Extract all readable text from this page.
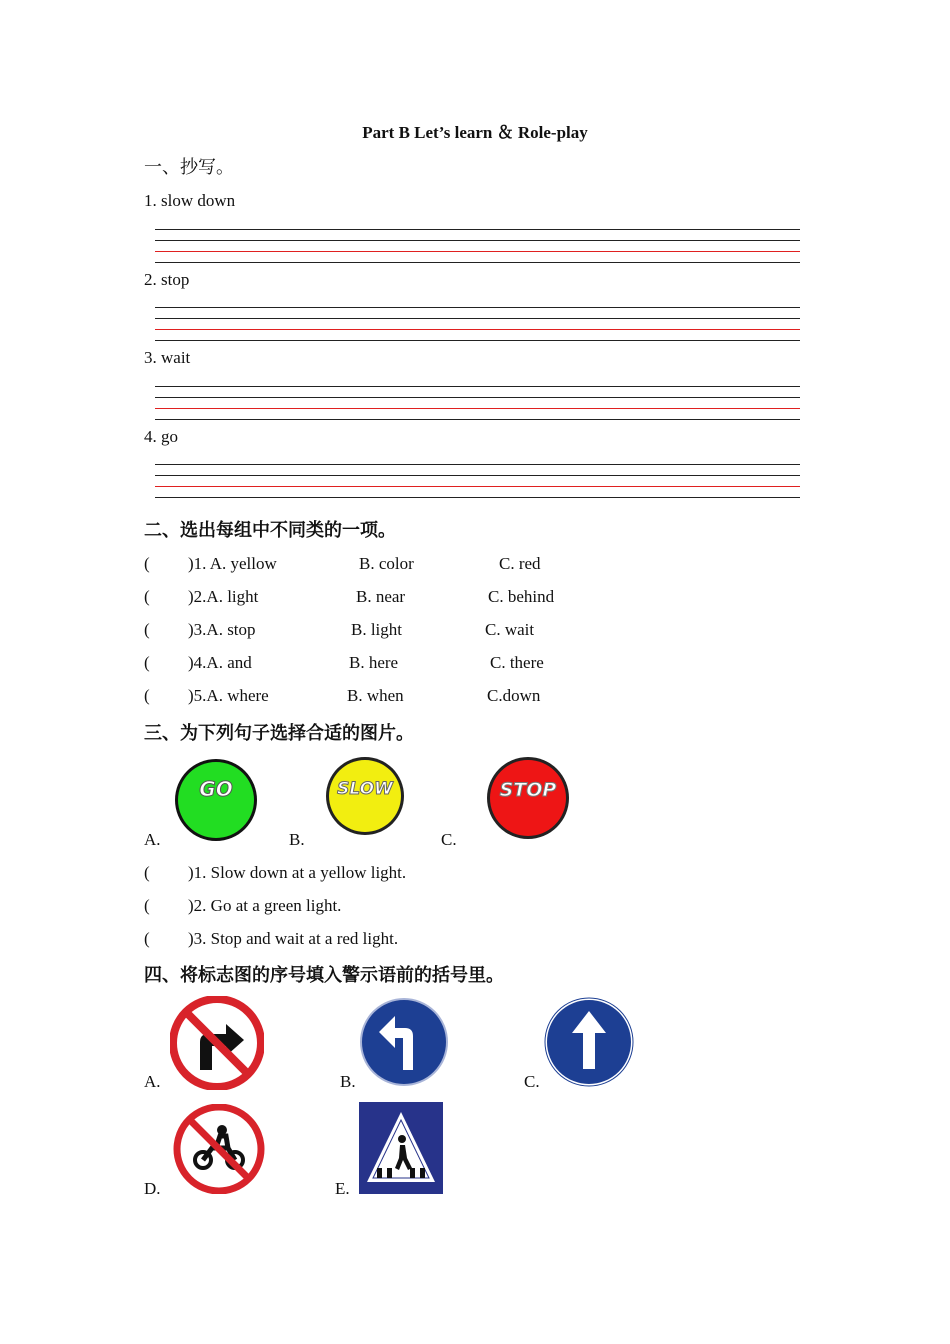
Part B Let’s learn ＆ Role-play
一、抄写。
1. slow down
2. stop
3. wait
4. go
二、选出每组中不同类的一项。
( )1. A. yellow	B. color	C. red
( )2.A. light	B. near	C. behind
( )3.A. stop	B. light	C. wait
( )4.A. and	B. here	C. there
( )5.A. where	B. when	C.down
三、为下列句子选择合适的图片。
GO	SLOW	STOP
A.	B.	C.
( )1. Slow down at a yellow light.
( )2. Go at a green light.
( )3. Stop and wait at a red light.
四、将标志图的序号填入警示语前的括号里。
A.	B.	C.
D.	E.
